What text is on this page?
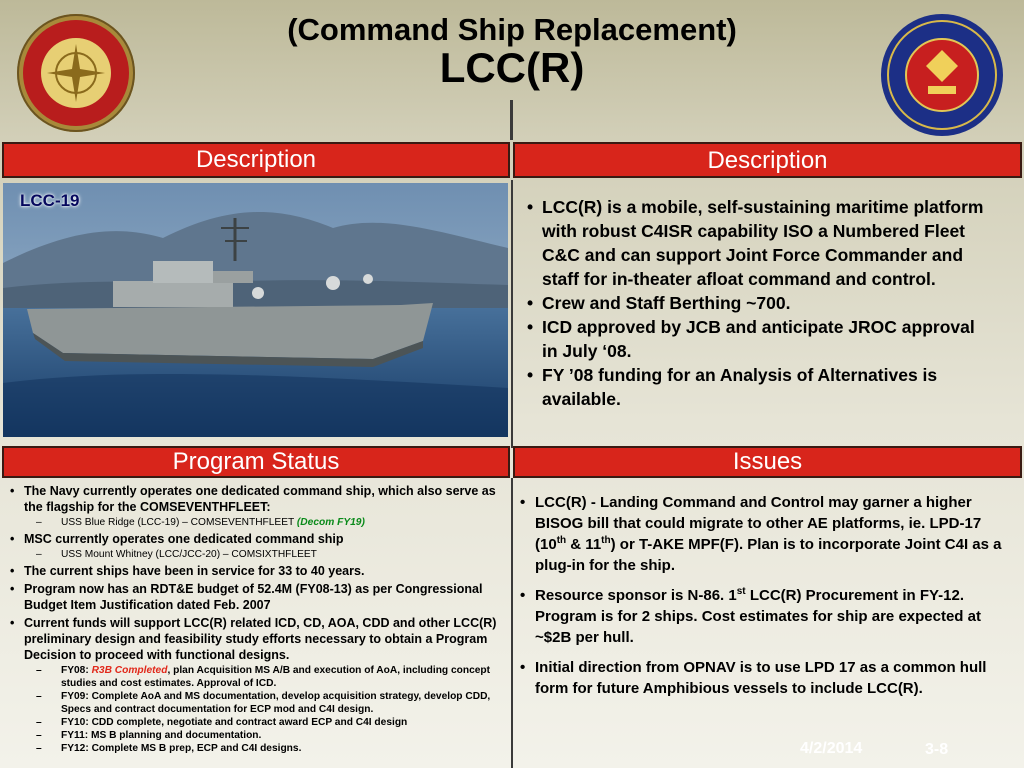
(Command Ship Replacement)
LCC(R)
Description	Description
Program Status	Issues
LCC-19
•	LCC(R) is a mobile, self-sustaining maritime platform with robust C4ISR capability ISO a Numbered Fleet C&C and can support Joint Force Commander and staff for in-theater afloat command and control.
• Crew and Staff Berthing ~700.
• ICD approved by JCB and anticipate JROC approval in July ‘08.
• FY ’08 funding for an Analysis of Alternatives is available.
• The Navy currently operates one dedicated command ship, which also serve as the flagship for the COMSEVENTHFLEET:
– USS Blue Ridge (LCC-19) – COMSEVENTHFLEET (Decom FY19)
• MSC currently operates one dedicated command ship
– USS Mount Whitney (LCC/JCC-20) – COMSIXTHFLEET
• The current ships have been in service for 33 to 40 years.
• Program now has an RDT&E budget of 52.4M (FY08-13) as per Congressional Budget Item Justification dated Feb. 2007
• Current funds will support LCC(R) related ICD, CD, AOA, CDD and other LCC(R) preliminary design and feasibility study efforts necessary to obtain a Program Decision to proceed with functional designs.
– FY08: R3B Completed, plan Acquisition MS A/B and execution of AoA, including concept studies and cost estimates. Approval of ICD.
– FY09: Complete AoA and MS documentation, develop acquisition strategy, develop CDD, Specs and contract documentation for ECP mod and C4I design.
– FY10: CDD complete, negotiate and contract award ECP and C4I design
– FY11: MS B planning and documentation.
– FY12: Complete MS B prep, ECP and C4I designs.
• LCC(R) - Landing Command and Control may garner a higher BISOG bill that could migrate to other AE platforms, ie. LPD-17 (10th & 11th) or T-AKE MPF(F). Plan is to incorporate Joint C4I as a plug-in for the ship.
• Resource sponsor is N-86. 1st LCC(R) Procurement in FY-12. Program is for 2 ships. Cost estimates for ship are expected at ~$2B per hull.
• Initial direction from OPNAV is to use LPD 17 as a common hull form for future Amphibious vessels to include LCC(R).
4/2/2014	3-8
